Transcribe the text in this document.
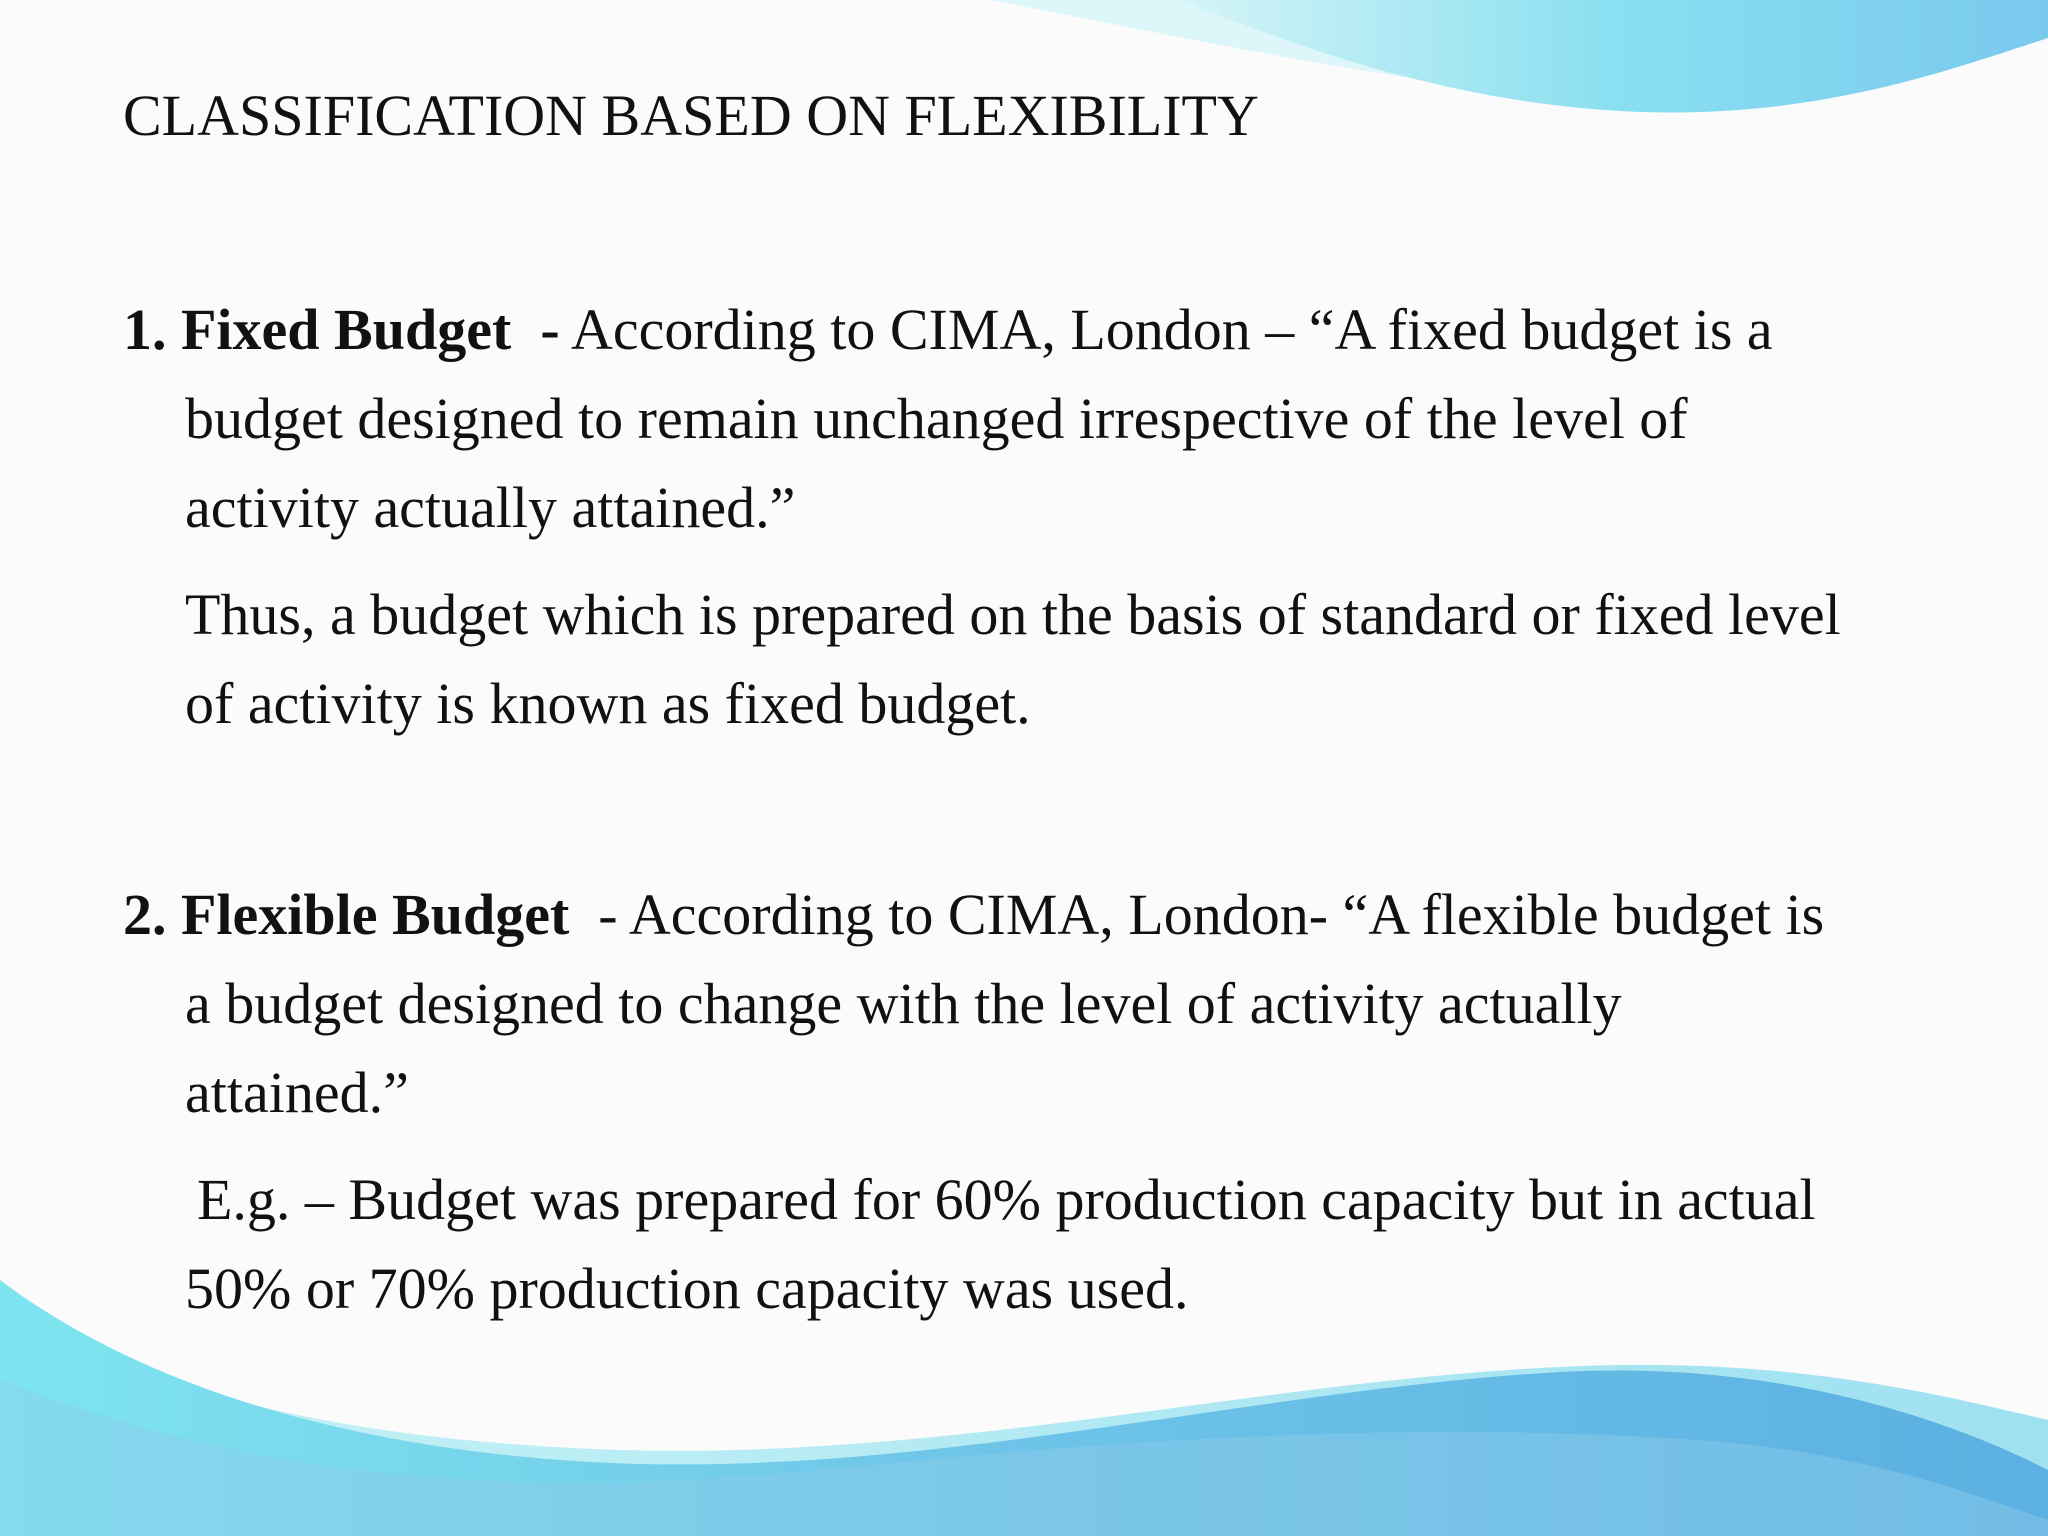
CLASSIFICATION BASED ON FLEXIBILITY
1. Fixed Budget - According to CIMA, London – “A fixed budget is a
budget designed to remain unchanged irrespective of the level of
activity actually attained.”
Thus, a budget which is prepared on the basis of standard or fixed level
of activity is known as fixed budget.
2. Flexible Budget - According to CIMA, London- “A flexible budget is
a budget designed to change with the level of activity actually
attained.”
E.g. – Budget was prepared for 60% production capacity but in actual
50% or 70% production capacity was used.
